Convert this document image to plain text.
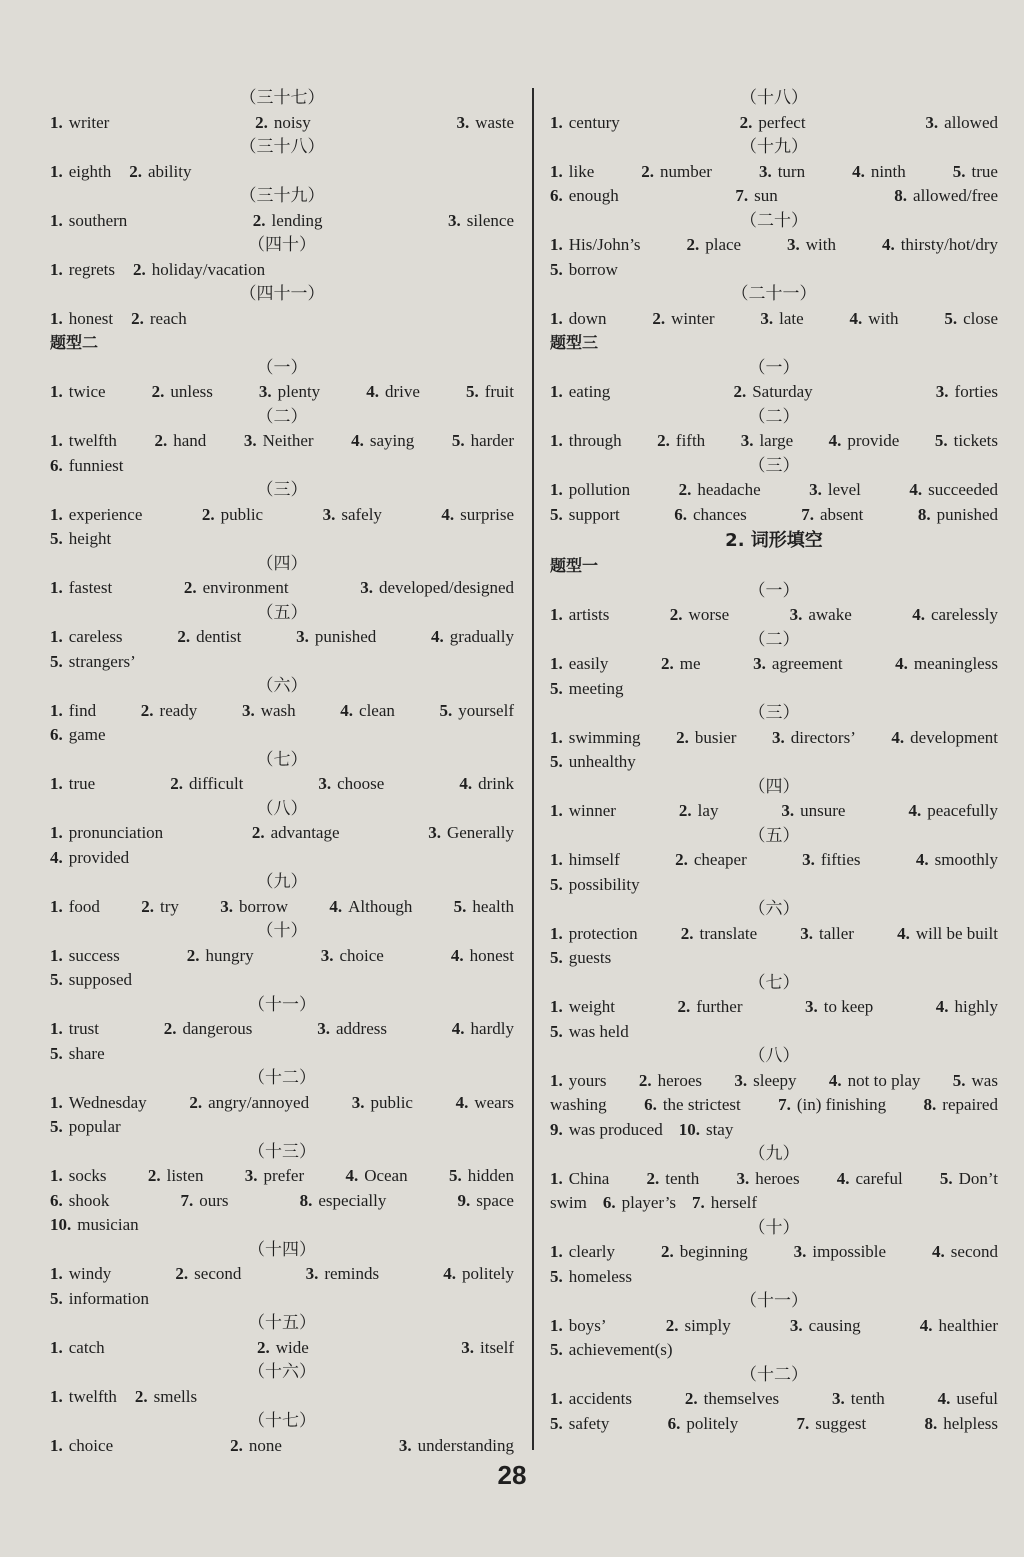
（三十七）
1. writer	2. noisy	3. waste
（三十八）
1. eighth 2. ability
（三十九）
1. southern	2. lending	3. silence
（四十）
1. regrets 2. holiday/vacation
（四十一）
1. honest 2. reach
题型二
（一）
1. twice	2. unless	3. plenty	4. drive	5. fruit
（二）
1. twelfth 2. hand 3. Neither 4. saying 5. harder
6. funniest
（三）
1. experience	2. public	3. safely	4. surprise
5. height
（四）
1. fastest	2. environment	3. developed/designed
（五）
1. careless	2. dentist	3. punished	4. gradually
5. strangers’
（六）
1. find	2. ready	3. wash	4. clean	5. yourself
6. game
（七）
1. true	2. difficult	3. choose	4. drink
（八）
1. pronunciation	2. advantage	3. Generally
4. provided
（九）
1. food 2. try 3. borrow 4. Although 5. health
（十）
1. success	2. hungry	3. choice	4. honest
5. supposed
（十一）
1. trust	2. dangerous	3. address	4. hardly
5. share
（十二）
1. Wednesday	2. angry/annoyed	3. public	4. wears
5. popular
（十三）
1. socks 2. listen 3. prefer 4. Ocean 5. hidden
6. shook	7. ours	8. especially	9. space
10. musician
（十四）
1. windy	2. second	3. reminds	4. politely
5. information
（十五）
1. catch	2. wide	3. itself
（十六）
1. twelfth 2. smells
（十七）
1. choice	2. none	3. understanding
（十八）
1. century	2. perfect	3. allowed
（十九）
1. like	2. number	3. turn	4. ninth	5. true
6. enough	7. sun	8. allowed/free
（二十）
1. His/John’s	2. place	3. with	4. thirsty/hot/dry
5. borrow
（二十一）
1. down	2. winter	3. late	4. with	5. close
题型三
（一）
1. eating	2. Saturday	3. forties
（二）
1. through 2. fifth 3. large 4. provide 5. tickets
（三）
1. pollution	2. headache	3. level	4. succeeded
5. support	6. chances	7. absent	8. punished
2. 词形填空
题型一
（一）
1. artists	2. worse	3. awake	4. carelessly
（二）
1. easily	2. me	3. agreement	4. meaningless
5. meeting
（三）
1. swimming 2. busier 3. directors’ 4. development
5. unhealthy
（四）
1. winner	2. lay	3. unsure	4. peacefully
（五）
1. himself	2. cheaper	3. fifties	4. smoothly
5. possibility
（六）
1. protection	2. translate	3. taller	4. will be built
5. guests
（七）
1. weight	2. further	3. to keep	4. highly
5. was held
（八）
1. yours 2. heroes 3. sleepy 4. not to play 5. was
washing 6. the strictest 7. (in) finishing 8. repaired
9. was produced 10. stay
（九）
1. China 2. tenth 3. heroes 4. careful 5. Don’t
swim 6. player’s 7. herself
（十）
1. clearly	2. beginning	3. impossible	4. second
5. homeless
（十一）
1. boys’	2. simply	3. causing	4. healthier
5. achievement(s)
（十二）
1. accidents	2. themselves	3. tenth	4. useful
5. safety	6. politely	7. suggest	8. helpless
28
